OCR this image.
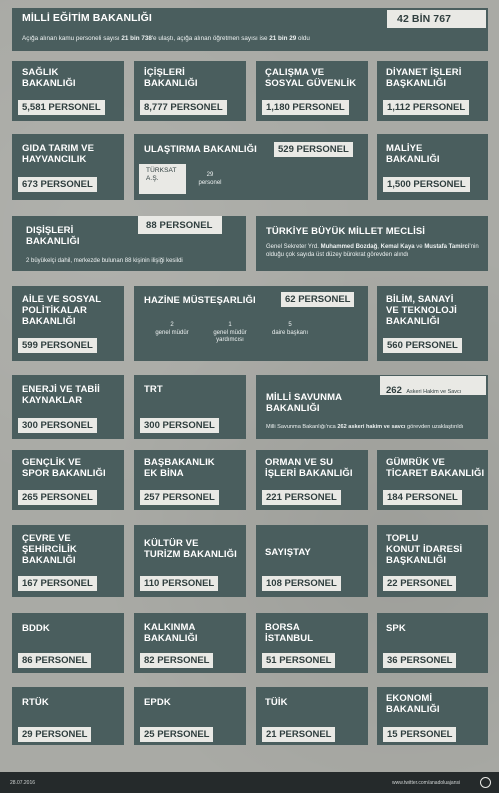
MİLLİ EĞİTİM BAKANLIĞI	42 BİN 767
Açığa alınan kamu personeli sayısı 21 bin 738'e ulaştı, açığa alınan öğretmen sayısı ise 21 bin 29 oldu
SAĞLIK
BAKANLIĞI
5,581 PERSONEL
İÇİŞLERİ
BAKANLIĞI
8,777 PERSONEL
ÇALIŞMA VE
SOSYAL GÜVENLİK
1,180 PERSONEL
DİYANET İŞLERİ
BAŞKANLIĞI
1,112 PERSONEL
GIDA TARIM VE
HAYVANCILIK
673 PERSONEL
ULAŞTIRMA BAKANLIĞI	529 PERSONEL
TÜRKSAT
A.Ş.	29
personel
MALİYE
BAKANLIĞI
1,500 PERSONEL
88 PERSONEL
DIŞİŞLERİ
BAKANLIĞI
2 büyükelçi dahil, merkezde bulunan 88 kişinin ilişiği kesildi
TÜRKİYE BÜYÜK MİLLET MECLİSİ
Genel Sekreter Yrd. Muhammed Bozdağ, Kemal Kaya ve Mustafa Tamirci'nin olduğu çok sayıda üst düzey bürokrat görevden alındı
AİLE VE SOSYAL
POLİTİKALAR
BAKANLIĞI
599 PERSONEL
HAZİNE MÜSTEŞARLIĞI	62 PERSONEL
2
genel müdür
1
genel müdür
yardımcısı
5
daire başkanı
BİLİM, SANAYİ
VE TEKNOLOJİ
BAKANLIĞI
560 PERSONEL
ENERJİ VE TABİİ
KAYNAKLAR
300 PERSONEL
TRT
300 PERSONEL
MİLLİ SAVUNMA
BAKANLIĞI
262 Askeri Hakim ve Savcı
Milli Savunma Bakanlığı'nca 262 askeri hakim ve savcı görevden uzaklaştırıldı
GENÇLİK VE
SPOR BAKANLIĞI
265 PERSONEL
BAŞBAKANLIK
EK BİNA
257 PERSONEL
ORMAN VE SU
İŞLERİ BAKANLIĞI
221 PERSONEL
GÜMRÜK VE
TİCARET BAKANLIĞI
184 PERSONEL
ÇEVRE VE
ŞEHİRCİLİK
BAKANLIĞI
167 PERSONEL
KÜLTÜR VE
TURİZM BAKANLIĞI
110 PERSONEL
SAYIŞTAY
108 PERSONEL
TOPLU
KONUT İDARESİ
BAŞKANLIĞI
22 PERSONEL
BDDK
86 PERSONEL
KALKINMA
BAKANLIĞI
82 PERSONEL
BORSA
İSTANBUL
51 PERSONEL
SPK
36 PERSONEL
RTÜK
29 PERSONEL
EPDK
25 PERSONEL
TÜİK
21 PERSONEL
EKONOMİ
BAKANLIĞI
15 PERSONEL
28.07.2016	www.twitter.com/anadoluajansi
